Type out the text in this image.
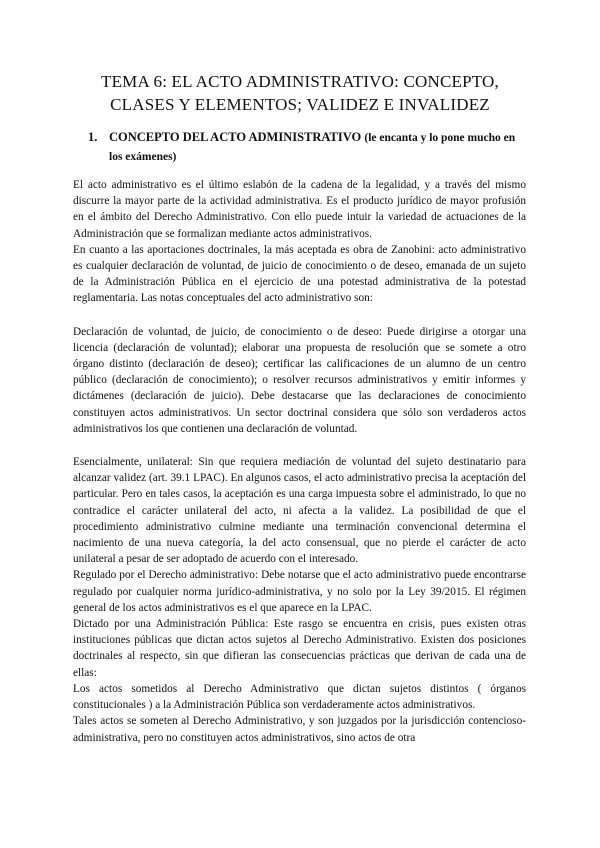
TEMA 6: EL ACTO ADMINISTRATIVO: CONCEPTO,
CLASES Y ELEMENTOS; VALIDEZ E INVALIDEZ
1. CONCEPTO DEL ACTO ADMINISTRATIVO (le encanta y lo pone mucho en los exámenes)

El acto administrativo es el último eslabón de la cadena de la legalidad, y a través del mismo discurre la mayor parte de la actividad administrativa. Es el producto jurídico de mayor profusión en el ámbito del Derecho Administrativo. Con ello puede intuir la variedad de actuaciones de la Administración que se formalizan mediante actos administrativos.

En cuanto a las aportaciones doctrinales, la más aceptada es obra de Zanobini: acto administrativo es cualquier declaración de voluntad, de juicio de conocimiento o de deseo, emanada de un sujeto de la Administración Pública en el ejercicio de una potestad administrativa de la potestad reglamentaria. Las notas conceptuales del acto administrativo son:

Declaración de voluntad, de juicio, de conocimiento o de deseo: Puede dirigirse a otorgar una licencia (declaración de voluntad); elaborar una propuesta de resolución que se somete a otro órgano distinto (declaración de deseo); certificar las calificaciones de un alumno de un centro público (declaración de conocimiento); o resolver recursos administrativos y emitir informes y dictámenes (declaración de juicio). Debe destacarse que las declaraciones de conocimiento constituyen actos administrativos. Un sector doctrinal considera que sólo son verdaderos actos administrativos los que contienen una declaración de voluntad.

Esencialmente, unilateral: Sin que requiera mediación de voluntad del sujeto destinatario para alcanzar validez (art. 39.1 LPAC). En algunos casos, el acto administrativo precisa la aceptación del particular. Pero en tales casos, la aceptación es una carga impuesta sobre el administrado, lo que no contradice el carácter unilateral del acto, ni afecta a la validez. La posibilidad de que el procedimiento administrativo culmine mediante una terminación convencional determina el nacimiento de una nueva categoría, la del acto consensual, que no pierde el carácter de acto unilateral a pesar de ser adoptado de acuerdo con el interesado.

Regulado por el Derecho administrativo: Debe notarse que el acto administrativo puede encontrarse regulado por cualquier norma jurídico-administrativa, y no solo por la Ley 39/2015. El régimen general de los actos administrativos es el que aparece en la LPAC.

Dictado por una Administración Pública: Este rasgo se encuentra en crisis, pues existen otras instituciones públicas que dictan actos sujetos al Derecho Administrativo. Existen dos posiciones doctrinales al respecto, sin que difieran las consecuencias prácticas que derivan de cada una de ellas:

Los actos sometidos al Derecho Administrativo que dictan sujetos distintos ( órganos constitucionales ) a la Administración Pública son verdaderamente actos administrativos.

Tales actos se someten al Derecho Administrativo, y son juzgados por la jurisdicción contencioso- administrativa, pero no constituyen actos administrativos, sino actos de otra
